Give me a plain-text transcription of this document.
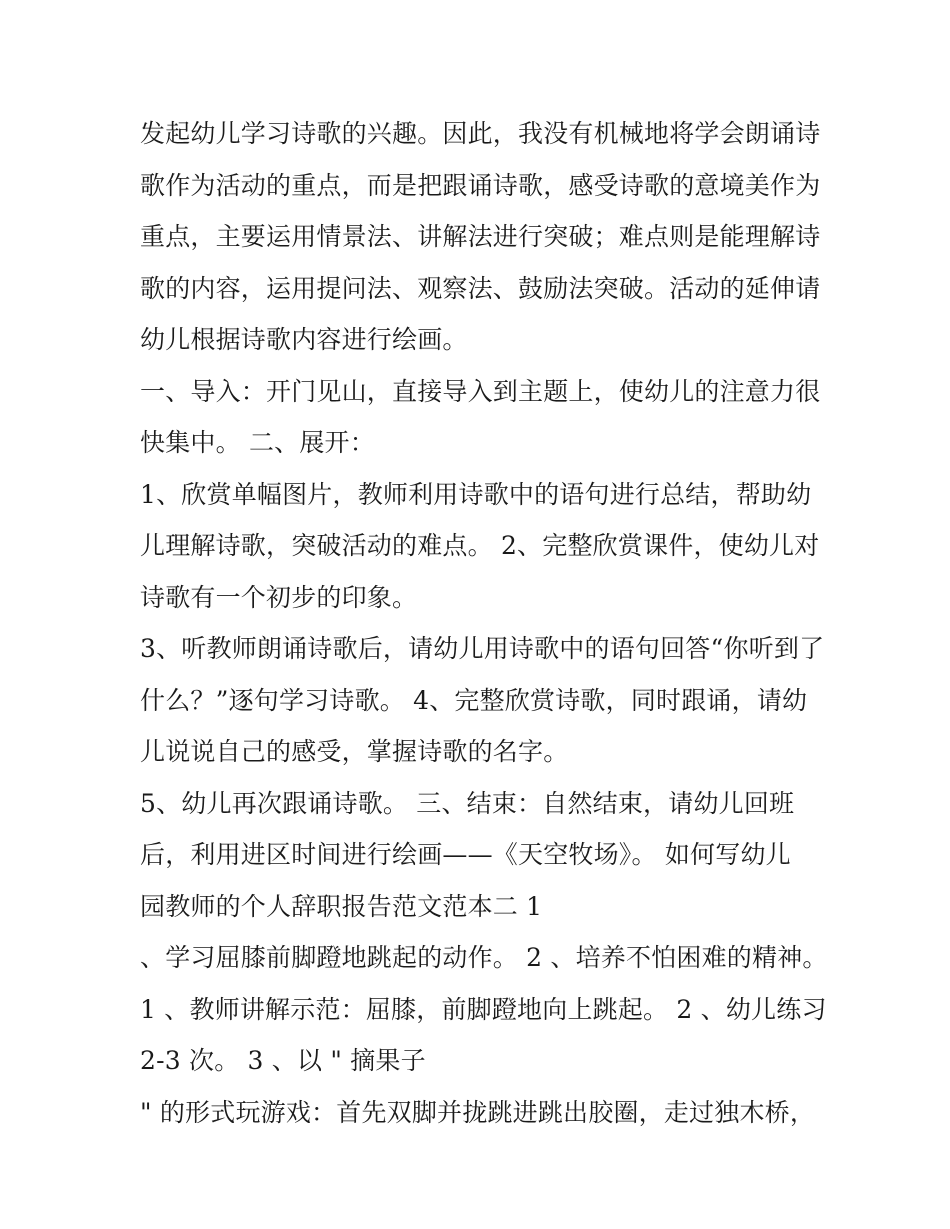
发起幼儿学习诗歌的兴趣。因此，我没有机械地将学会朗诵诗
歌作为活动的重点，而是把跟诵诗歌，感受诗歌的意境美作为
重点，主要运用情景法、讲解法进行突破；难点则是能理解诗
歌的内容，运用提问法、观察法、鼓励法突破。活动的延伸请
幼儿根据诗歌内容进行绘画。
一、导入：开门见山，直接导入到主题上，使幼儿的注意力很
快集中。 二、展开：
1、欣赏单幅图片，教师利用诗歌中的语句进行总结，帮助幼
儿理解诗歌，突破活动的难点。 2、完整欣赏课件，使幼儿对
诗歌有一个初步的印象。
3、听教师朗诵诗歌后，请幼儿用诗歌中的语句回答“你听到了
什么？”逐句学习诗歌。 4、完整欣赏诗歌，同时跟诵，请幼
儿说说自己的感受，掌握诗歌的名字。
5、幼儿再次跟诵诗歌。 三、结束：自然结束，请幼儿回班
后，利用进区时间进行绘画——《天空牧场》。 如何写幼儿
园教师的个人辞职报告范文范本二 1
、学习屈膝前脚蹬地跳起的动作。 2 、培养不怕困难的精神。
1 、教师讲解示范：屈膝，前脚蹬地向上跳起。 2 、幼儿练习
2-3 次。 3 、以 " 摘果子
" 的形式玩游戏：首先双脚并拢跳进跳出胶圈，走过独木桥，
